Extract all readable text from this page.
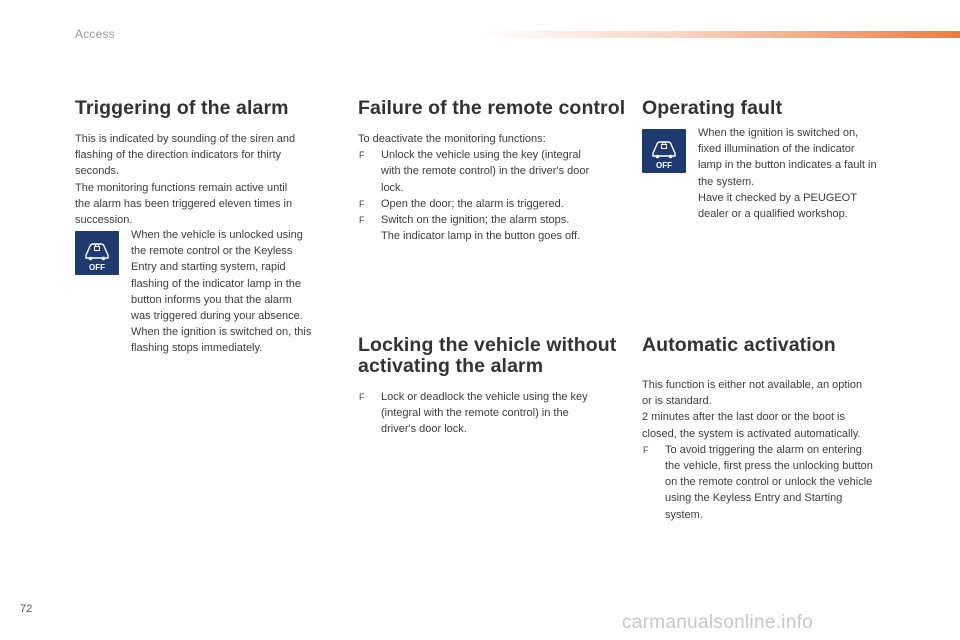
Access
Triggering of the alarm

This is indicated by sounding of the siren and

flashing of the direction indicators for thirty

seconds.

The monitoring functions remain active until

the alarm has been triggered eleven times in

succession.

OFF

When the vehicle is unlocked using

the remote control or the Keyless

Entry and starting system, rapid

flashing of the indicator lamp in the

button informs you that the alarm

was triggered during your absence.

When the ignition is switched on, this

flashing stops immediately.

Failure of the remote control

To deactivate the monitoring functions:

F Unlock the vehicle using the key (integral
with the remote control) in the driver's door
lock.
F Open the door; the alarm is triggered.
F Switch on the ignition; the alarm stops.
The indicator lamp in the button goes off.
Locking the vehicle without
activating the alarm
F Lock or deadlock the vehicle using the key
(integral with the remote control) in the
driver's door lock.
Operating fault
OFF

When the ignition is switched on,

fixed illumination of the indicator

lamp in the button indicates a fault in

the system.

Have it checked by a PEUGEOT

dealer or a qualified workshop.

Automatic activation

This function is either not available, an option

or is standard.

2 minutes after the last door or the boot is

closed, the system is activated automatically.

F To avoid triggering the alarm on entering
the vehicle, first press the unlocking button
on the remote control or unlock the vehicle
using the Keyless Entry and Starting
system.
72
carmanualsonline.info
